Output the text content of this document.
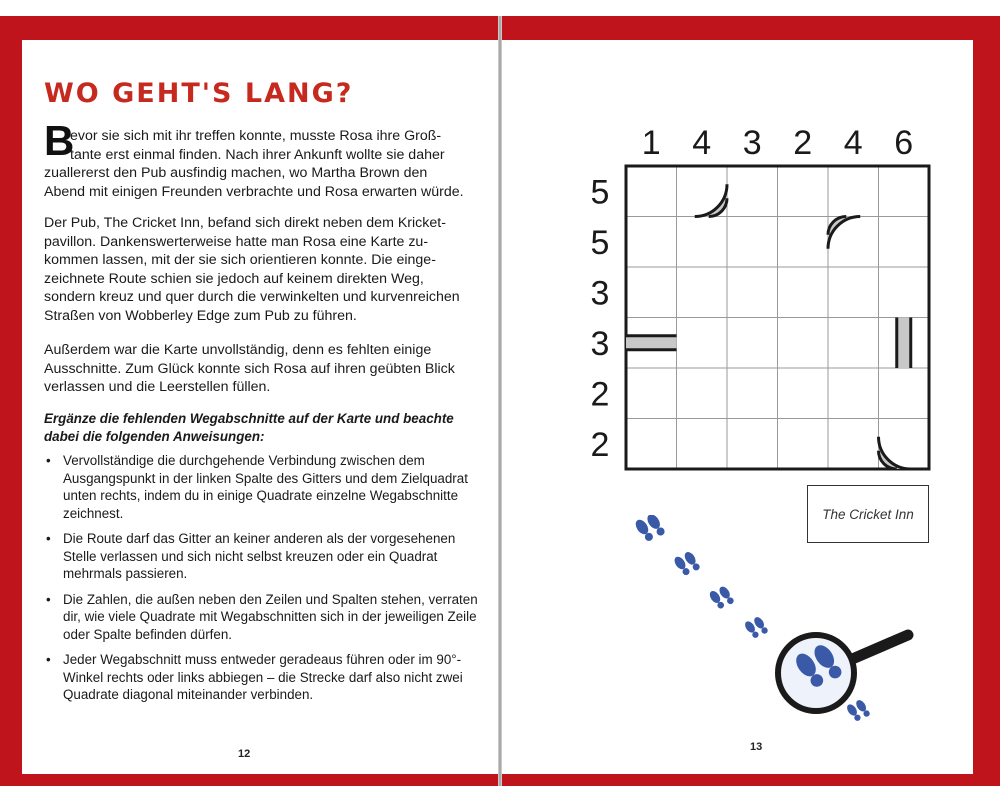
WO GEHT'S LANG?
B

evor sie sich mit ihr treffen konnte, musste Rosa ihre Groß-
tante erst einmal finden. Nach ihrer Ankunft wollte sie daher
zuallererst den Pub ausfindig machen, wo Martha Brown den
Abend mit einigen Freunden verbrachte und Rosa erwarten würde.

Der Pub, The Cricket Inn, befand sich direkt neben dem Kricketpavillon. Dankenswerterweise hatte man Rosa eine Karte zukommen lassen, mit der sie sich orientieren konnte. Die eingezeichnete Route schien sie jedoch auf keinem direkten Weg, sondern kreuz und quer durch die verwinkelten und kurvenreichen Straßen von Wobberley Edge zum Pub zu führen.

Außerdem war die Karte unvollständig, denn es fehlten einige Ausschnitte. Zum Glück konnte sich Rosa auf ihren geübten Blick verlassen und die Leerstellen füllen.

Ergänze die fehlenden Wegabschnitte auf der Karte und beachte dabei die folgenden Anweisungen:

• Vervollständige die durchgehende Verbindung zwischen dem Ausgangspunkt in der linken Spalte des Gitters und dem Zielquadrat unten rechts, indem du in einige Quadrate einzelne Wegabschnitte zeichnest.
• Die Route darf das Gitter an keiner anderen als der vorgesehenen Stelle verlassen und sich nicht selbst kreuzen oder ein Quadrat mehrmals passieren.
• Die Zahlen, die außen neben den Zeilen und Spalten stehen, verraten dir, wie viele Quadrate mit Wegabschnitten sich in der jeweiligen Zeile oder Spalte befinden dürfen.
• Jeder Wegabschnitt muss entweder geradeaus führen oder im 90°-Winkel rechts oder links abbiegen – die Strecke darf also nicht zwei Quadrate diagonal miteinander verbinden.
12
1 4 3 2 4 6
5
5
3
3
2
2
The Cricket Inn
13
